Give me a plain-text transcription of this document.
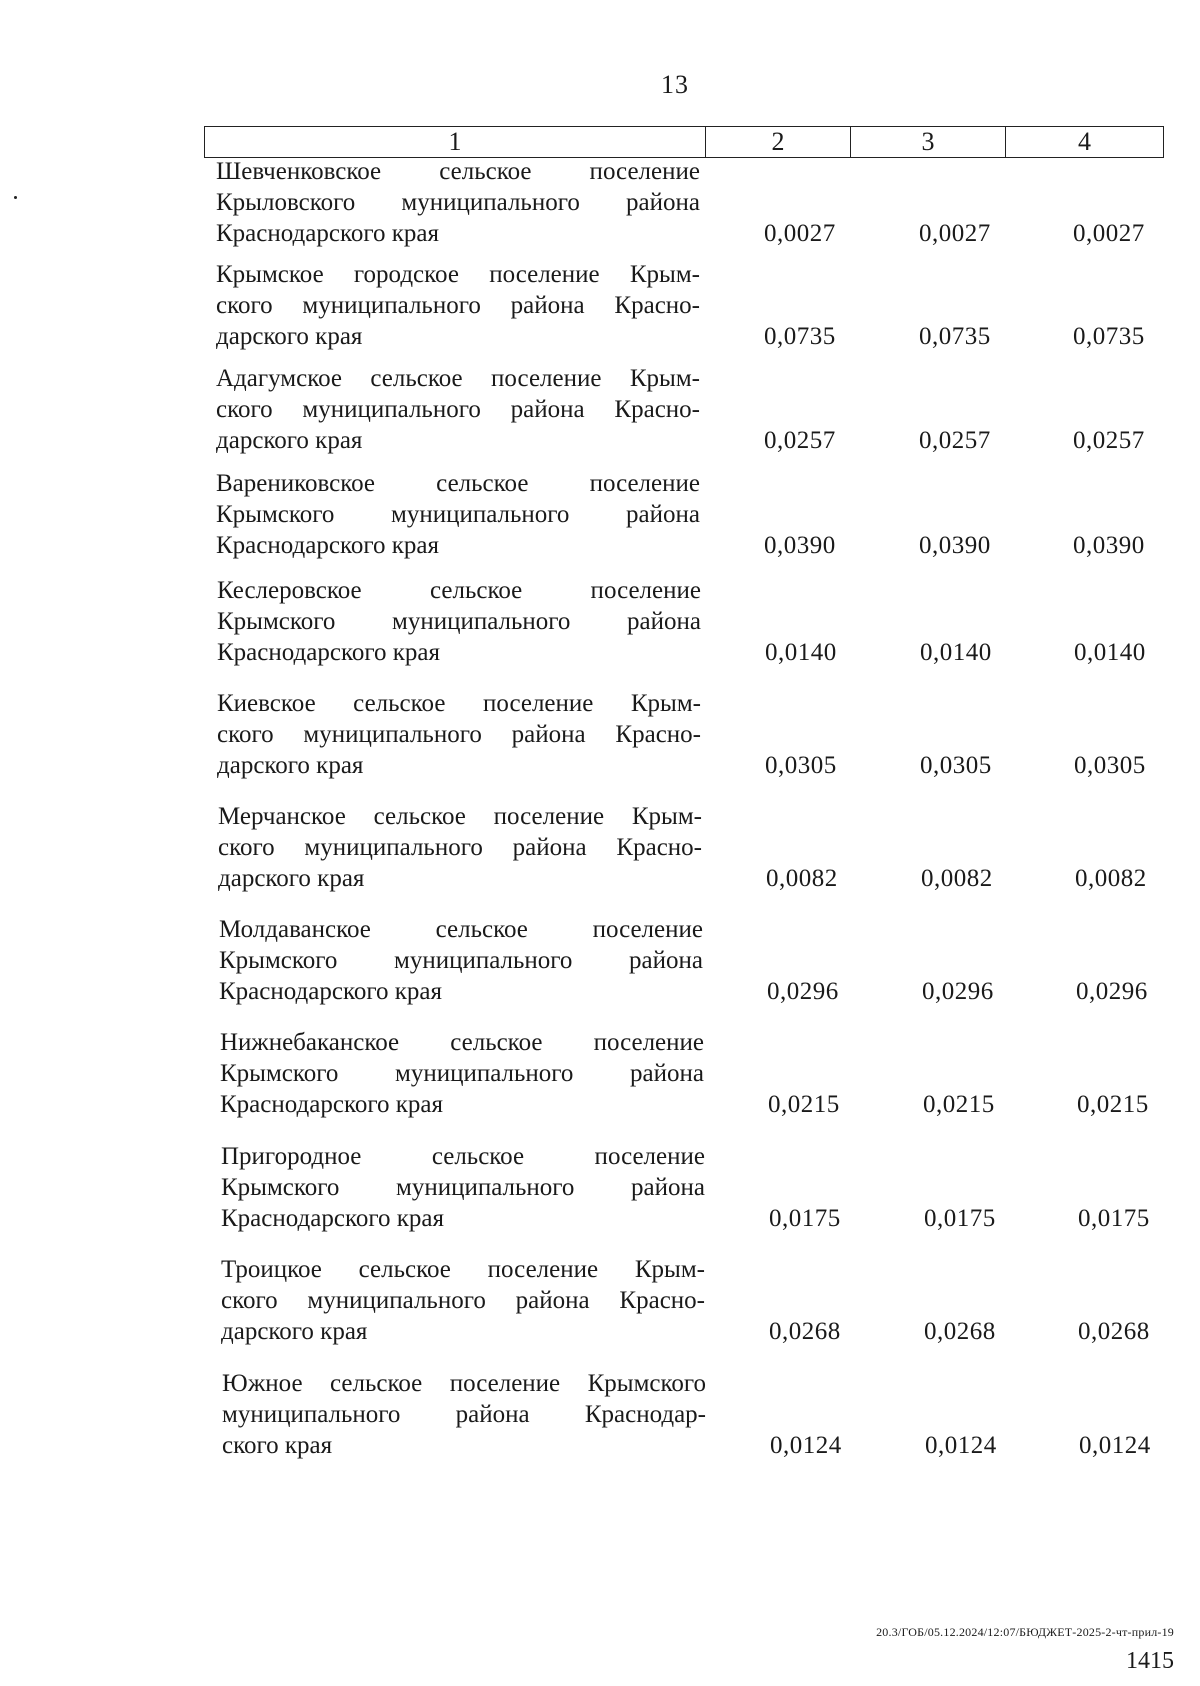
13
1	2	3	4
Шевченковское сельское поселение
Крыловского муниципального района
Краснодарского края	0,0027	0,0027	0,0027
Крымское городское поселение Крым-
ского муниципального района Красно-
дарского края	0,0735	0,0735	0,0735
Адагумское сельское поселение Крым-
ского муниципального района Красно-
дарского края	0,0257	0,0257	0,0257
Варениковское сельское поселение
Крымского муниципального района
Краснодарского края	0,0390	0,0390	0,0390
Кеслеровское сельское поселение
Крымского муниципального района
Краснодарского края	0,0140	0,0140	0,0140
Киевское сельское поселение Крым-
ского муниципального района Красно-
дарского края	0,0305	0,0305	0,0305
Мерчанское сельское поселение Крым-
ского муниципального района Красно-
дарского края	0,0082	0,0082	0,0082
Молдаванское сельское поселение
Крымского муниципального района
Краснодарского края	0,0296	0,0296	0,0296
Нижнебаканское сельское поселение
Крымского муниципального района
Краснодарского края	0,0215	0,0215	0,0215
Пригородное сельское поселение
Крымского муниципального района
Краснодарского края	0,0175	0,0175	0,0175
Троицкое сельское поселение Крым-
ского муниципального района Красно-
дарского края	0,0268	0,0268	0,0268
Южное сельское поселение Крымского
муниципального района Краснодар-
ского края	0,0124	0,0124	0,0124
20.3/ГОБ/05.12.2024/12:07/БЮДЖЕТ-2025-2-чт-прил-19
1415
